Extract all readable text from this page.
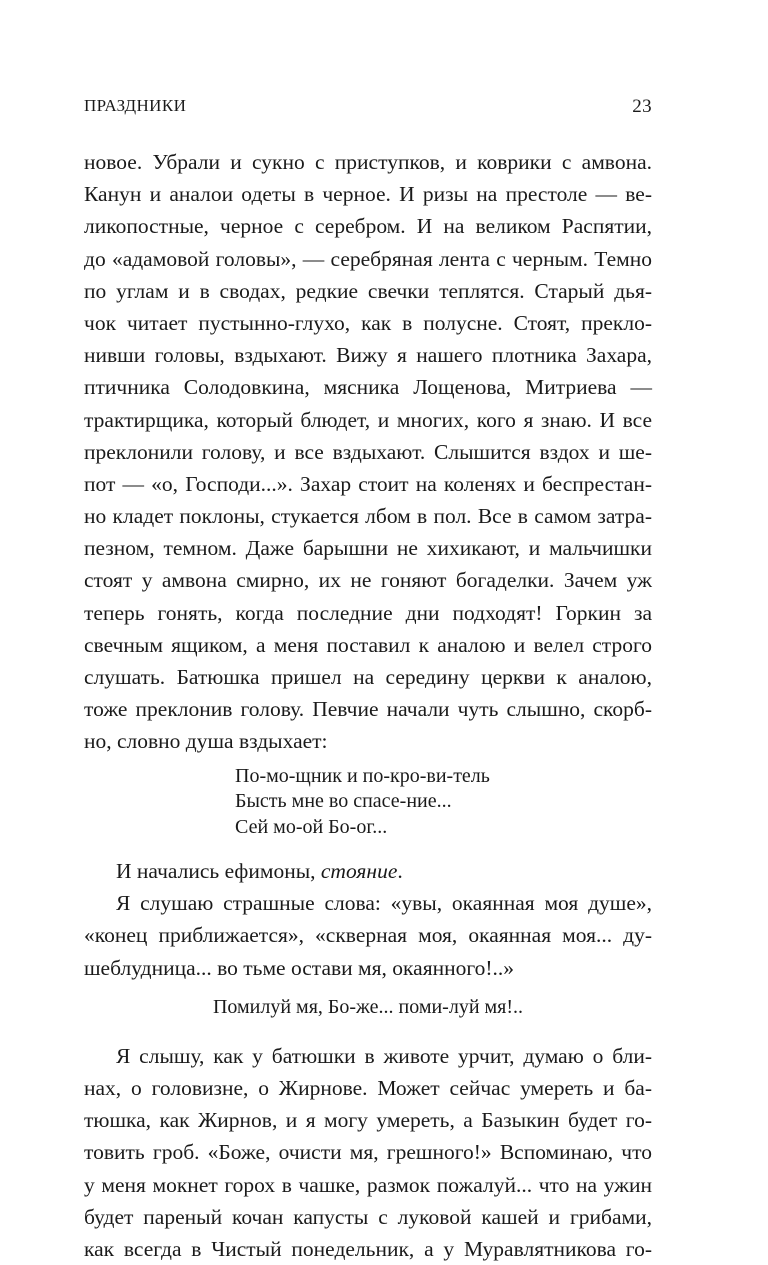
ПРАЗДНИКИ	23
новое. Убрали и сукно с приступков, и коврики с амвона.
Канун и аналои одеты в черное. И ризы на престоле — ве-
ликопостные, черное с серебром. И на великом Распятии,
до «адамовой головы», — серебряная лента с черным. Темно
по углам и в сводах, редкие свечки теплятся. Старый дья-
чок читает пустынно-глухо, как в полусне. Стоят, прекло-
нивши головы, вздыхают. Вижу я нашего плотника Захара,
птичника Солодовкина, мясника Лощенова, Митриева —
трактирщика, который блюдет, и многих, кого я знаю. И все
преклонили голову, и все вздыхают. Слышится вздох и ше-
пот — «о, Господи...». Захар стоит на коленях и беспрестан-
но кладет поклоны, стукается лбом в пол. Все в самом затра-
пезном, темном. Даже барышни не хихикают, и мальчишки
стоят у амвона смирно, их не гоняют богаделки. Зачем уж
теперь гонять, когда последние дни подходят! Горкин за
свечным ящиком, а меня поставил к аналою и велел строго
слушать. Батюшка пришел на середину церкви к аналою,
тоже преклонив голову. Певчие начали чуть слышно, скорб-
но, словно душа вздыхает:
По-мо-щник и по-кро-ви-тель
Бысть мне во спасе-ние...
Сей мо-ой Бо-ог...
И начались ефимоны, стояние.
Я слушаю страшные слова: «увы, окаянная моя душе»,
«конец приближается», «скверная моя, окаянная моя... ду-
шеблудница... во тьме остави мя, окаянного!..»
Помилуй мя, Бо-же... поми-луй мя!..
Я слышу, как у батюшки в животе урчит, думаю о бли-
нах, о головизне, о Жирнове. Может сейчас умереть и ба-
тюшка, как Жирнов, и я могу умереть, а Базыкин будет го-
товить гроб. «Боже, очисти мя, грешного!» Вспоминаю, что
у меня мокнет горох в чашке, размок пожалуй... что на ужин
будет пареный кочан капусты с луковой кашей и грибами,
как всегда в Чистый понедельник, а у Муравлятникова го-
